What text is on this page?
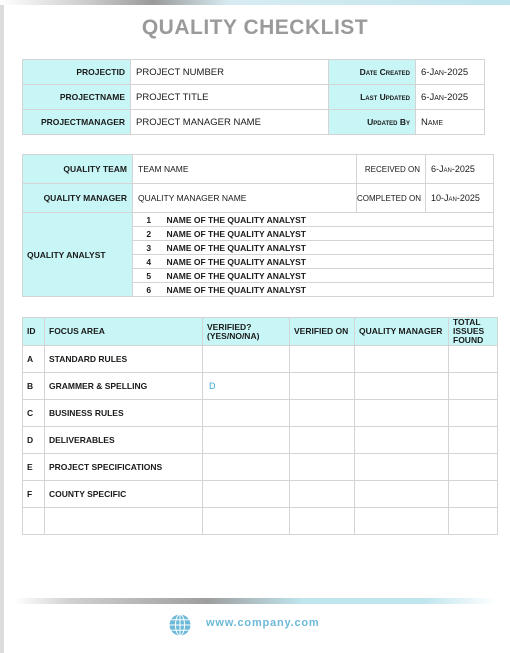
QUALITY CHECKLIST
PROJECTID	PROJECT NUMBER	Date Created	6-Jan-2025
PROJECTNAME	PROJECT TITLE	Last Updated	6-Jan-2025
PROJECTMANAGER	PROJECT MANAGER NAME	Updated By	Name
QUALITY TEAM	TEAM NAME		RECEIVED ON	6-Jan-2025
QUALITY MANAGER	QUALITY MANAGER NAME		COMPLETED ON	10-Jan-2025
QUALITY ANALYST	1	NAME OF THE QUALITY ANALYST		
	2	NAME OF THE QUALITY ANALYST		
	3	NAME OF THE QUALITY ANALYST		
	4	NAME OF THE QUALITY ANALYST		
	5	NAME OF THE QUALITY ANALYST		
	6	NAME OF THE QUALITY ANALYST		
ID	FOCUS AREA	VERIFIED? (YES/NO/NA)	VERIFIED ON	QUALITY MANAGER	TOTAL ISSUES FOUND
A	STANDARD RULES				
B	GRAMMER & SPELLING	D			
C	BUSINESS RULES				
D	DELIVERABLES				
E	PROJECT SPECIFICATIONS				
F	COUNTY SPECIFIC				

www.company.com
